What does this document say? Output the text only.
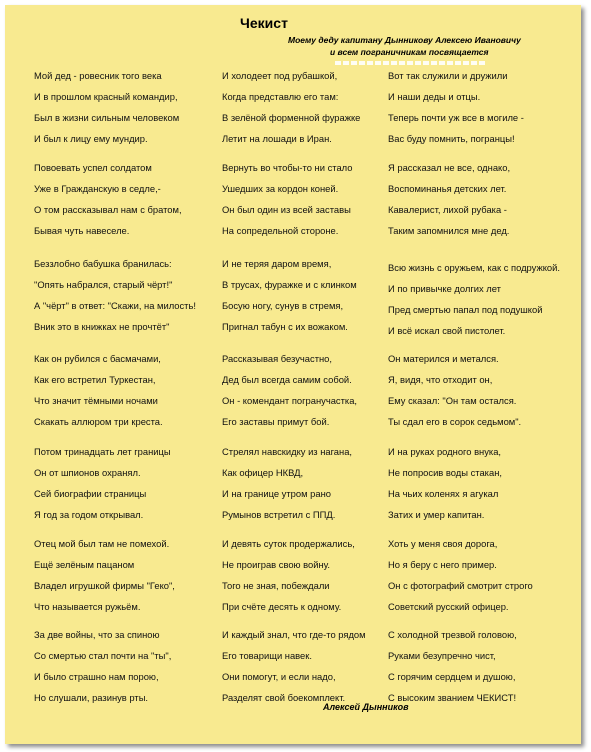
Чекист
Моему деду капитану Дынникову Алексею Ивановичу
и всем пограничникам посвящается
Мой дед - ровесник того века
И в прошлом красный командир,
Был в жизни сильным человеком
И был к лицу ему мундир.
Повоевать успел солдатом
Уже в Гражданскую в седле,-
О том рассказывал нам с братом,
Бывая чуть навеселе.
Беззлобно бабушка бранилась:
"Опять набрался, старый чёрт!"
А "чёрт" в ответ: "Скажи, на милость!
Вник это в книжках не прочтёт"
Как он рубился с басмачами,
Как его встретил Туркестан,
Что значит тёмными ночами
Скакать аллюром три креста.
Потом тринадцать лет границы
Он от шпионов охранял.
Сей биографии страницы
Я год за годом открывал.
Отец мой был там не помехой.
Ещё зелёным пацаном
Владел игрушкой фирмы "Геко",
Что называется ружьём.
За две войны, что за спиною
Со смертью стал почти на "ты",
И было страшно нам порою,
Но слушали, разинув рты.
И холодеет под рубашкой,
Когда представлю его там:
В зелёной форменной фуражке
Летит на лошади в Иран.
Вернуть во чтобы-то ни стало
Ушедших за кордон коней.
Он был один из всей заставы
На сопредельной стороне.
И не теряя даром время,
В трусах, фуражке и с клинком
Босую ногу, сунув в стремя,
Пригнал табун с их вожаком.
Рассказывая безучастно,
Дед был всегда самим собой.
Он - комендант погранучастка,
Его заставы примут бой.
Стрелял навскидку из нагана,
Как офицер НКВД,
И на границе утром рано
Румынов встретил с ППД.
И девять суток продержались,
Не проиграв свою войну.
Того не зная, побеждали
При счёте десять к одному.
И каждый знал, что где-то рядом
Его товарищи навек.
Они помогут, и если надо,
Разделят свой боекомплект.
Вот так служили и дружили
И наши деды и отцы.
Теперь почти уж все в могиле -
Вас буду помнить, погранцы!
Я рассказал не все, однако,
Воспоминанья детских лет.
Кавалерист, лихой рубака -
Таким запомнился мне дед.
Всю жизнь с оружьем, как с подружкой.
И по привычке долгих лет
Пред смертью папал под подушкой
И всё искал свой пистолет.
Он матерился и метался.
Я, видя, что отходит он,
Ему сказал: "Он там остался.
Ты сдал его в сорок седьмом".
И на руках родного внука,
Не попросив воды стакан,
На чьих коленях я агукал
Затих и умер капитан.
Хоть у меня своя дорога,
Но я беру с него пример.
Он с фотографий смотрит строго
Советский русский офицер.
С холодной трезвой головою,
Руками безупречно чист,
С горячим сердцем и душою,
С высоким званием ЧЕКИСТ!
Алексей Дынников
